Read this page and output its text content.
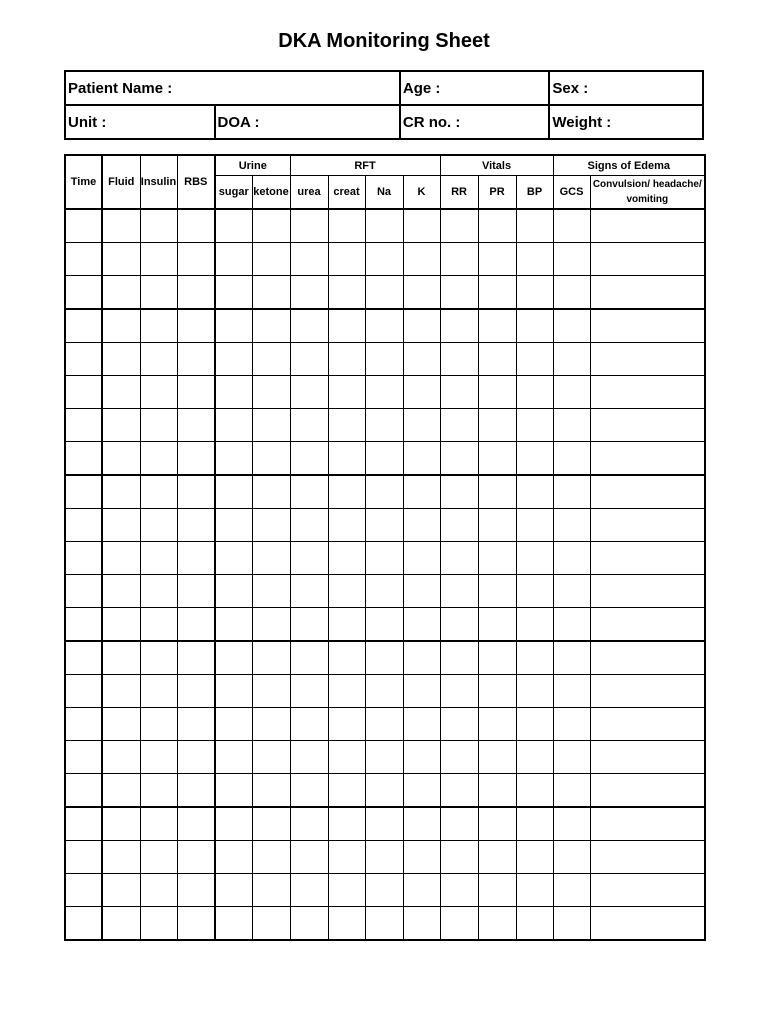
DKA Monitoring Sheet
Patient Name :		Age :	Sex :
Unit :	DOA :	CR no. :	Weight :
Time	Fluid	Insulin	RBS	Urine		RFT				Vitals			Signs of Edema	
				sugar	ketone	urea	creat	Na	K	RR	PR	BP	GCS	Convulsion/ headache/ vomiting
